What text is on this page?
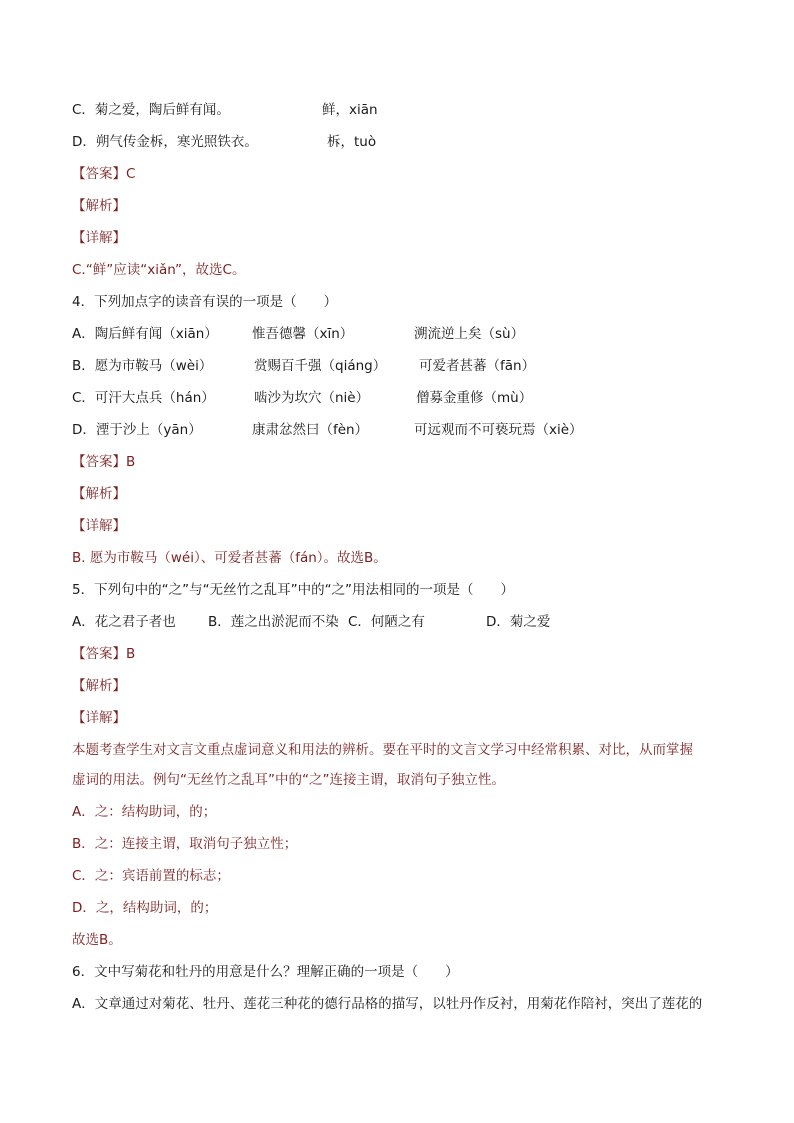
C．菊之爱，陶后鲜有闻。	鲜，xiān
D．朔气传金柝，寒光照铁衣。	柝，tuò
【答案】C
【解析】
【详解】
C.“鲜”应读“xiǎn”，故选C。
4．下列加点字的读音有误的一项是（　　）
A．陶后鲜有闻（xiān）	惟吾德馨（xīn）	溯流逆上矣（sù）
B．愿为市鞍马（wèi）	赏赐百千强（qiáng） 可爱者甚蕃（fān）
C．可汗大点兵（hán）	啮沙为坎穴（niè）	僧募金重修（mù）
D．湮于沙上（yān）	康肃忿然曰（fèn）	可远观而不可亵玩焉（xiè）
【答案】B
【解析】
【详解】
B. 愿为市鞍马（wéi）、可爱者甚蕃（fán）。故选B。
5．下列句中的“之”与“无丝竹之乱耳”中的“之”用法相同的一项是（　　）
A．花之君子者也 B．莲之出淤泥而不染 C．何陋之有	D．菊之爱
【答案】B
【解析】
【详解】
本题考查学生对文言文重点虚词意义和用法的辨析。要在平时的文言文学习中经常积累、对比，从而掌握
虚词的用法。例句“无丝竹之乱耳”中的“之”连接主谓，取消句子独立性。
A．之：结构助词，的；
B．之：连接主谓，取消句子独立性；
C．之：宾语前置的标志；
D．之，结构助词，的；
故选B。
6．文中写菊花和牡丹的用意是什么？理解正确的一项是（　　）
A．文章通过对菊花、牡丹、莲花三种花的德行品格的描写，以牡丹作反衬，用菊花作陪衬，突出了莲花的
